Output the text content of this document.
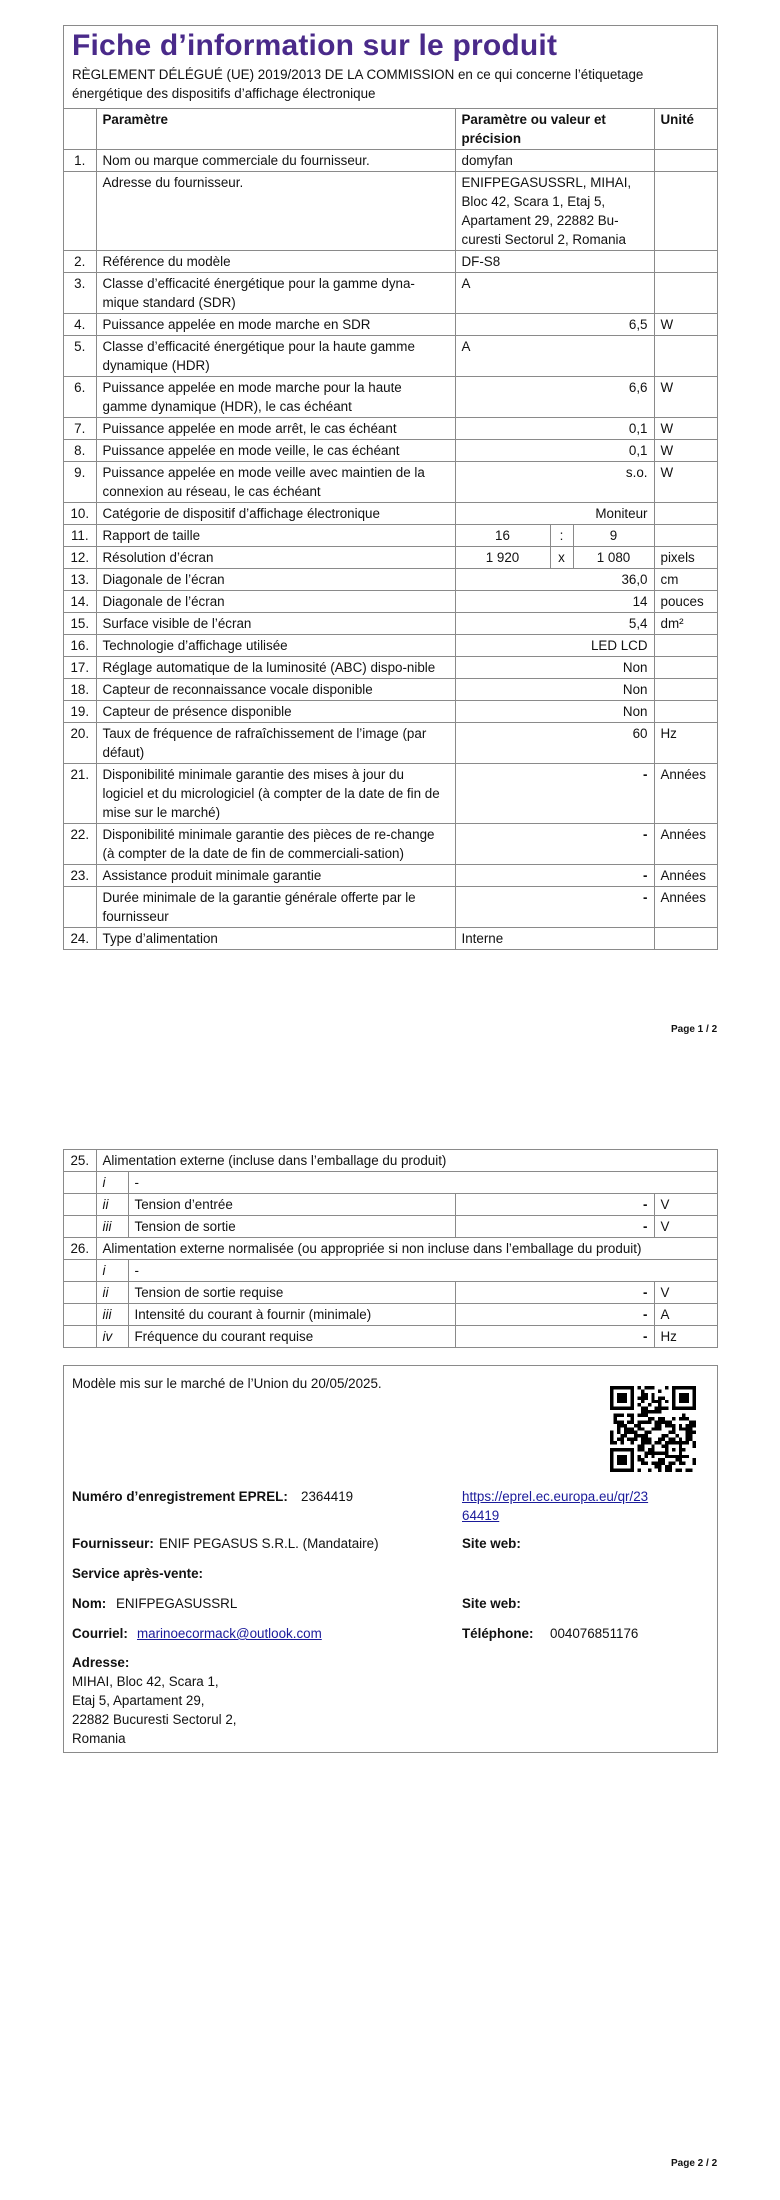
Fiche d’information sur le produit
RÈGLEMENT DÉLÉGUÉ (UE) 2019/2013 DE LA COMMISSION en ce qui concerne l’étiquetage énergétique des dispositifs d’affichage électronique
	Paramètre	Paramètre ou valeur et précision			Unité
1.	Nom ou marque commerciale du fournisseur.	domyfan			
	Adresse du fournisseur.	ENIFPEGASUSSRL, MIHAI, Bloc 42, Scara 1, Etaj 5, Apartament 29, 22882 Bu-curesti Sectorul 2, Romania			
2.	Référence du modèle	DF-S8			
3.	Classe d’efficacité énergétique pour la gamme dyna-mique standard (SDR)	A			
4.	Puissance appelée en mode marche en SDR	6,5			W
5.	Classe d’efficacité énergétique pour la haute gamme dynamique (HDR)	A			
6.	Puissance appelée en mode marche pour la haute gamme dynamique (HDR), le cas échéant	6,6			W
7.	Puissance appelée en mode arrêt, le cas échéant	0,1			W
8.	Puissance appelée en mode veille, le cas échéant	0,1			W
9.	Puissance appelée en mode veille avec maintien de la connexion au réseau, le cas échéant	s.o.			W
10.	Catégorie de dispositif d’affichage électronique	Moniteur			
11.	Rapport de taille	16	:	9	
12.	Résolution d’écran	1 920	x	1 080	pixels
13.	Diagonale de l’écran	36,0			cm
14.	Diagonale de l’écran	14			pouces
15.	Surface visible de l’écran	5,4			dm²
16.	Technologie d’affichage utilisée	LED LCD			
17.	Réglage automatique de la luminosité (ABC) dispo-nible	Non			
18.	Capteur de reconnaissance vocale disponible	Non			
19.	Capteur de présence disponible	Non			
20.	Taux de fréquence de rafraîchissement de l’image (par défaut)	60			Hz
21.	Disponibilité minimale garantie des mises à jour du logiciel et du micrologiciel (à compter de la date de fin de mise sur le marché)	-			Années
22.	Disponibilité minimale garantie des pièces de re-change (à compter de la date de fin de commerciali-sation)	-			Années
23.	Assistance produit minimale garantie	-			Années
	Durée minimale de la garantie générale offerte par le fournisseur	-			Années
24.	Type d’alimentation	Interne			
Page 1 / 2
25.	Alimentation externe (incluse dans l’emballage du produit)			
	i	-		
	ii	Tension d’entrée	-	V
	iii	Tension de sortie	-	V
26.	Alimentation externe normalisée (ou appropriée si non incluse dans l’emballage du produit)			
	i	-		
	ii	Tension de sortie requise	-	V
	iii	Intensité du courant à fournir (minimale)	-	A
	iv	Fréquence du courant requise	-	Hz
Modèle mis sur le marché de l’Union du 20/05/2025.
Numéro d’enregistrement EPREL: 2364419	https://eprel.ec.europa.eu/qr/23
64419
Fournisseur: ENIF PEGASUS S.R.L. (Mandataire)	Site web:
Service après-vente:
Nom: ENIFPEGASUSSRL	Site web:
Courriel: marinoecormack@outlook.com	Téléphone: 004076851176
Adresse:
MIHAI, Bloc 42, Scara 1,
Etaj 5, Apartament 29,
22882 Bucuresti Sectorul 2,
Romania
Page 2 / 2
